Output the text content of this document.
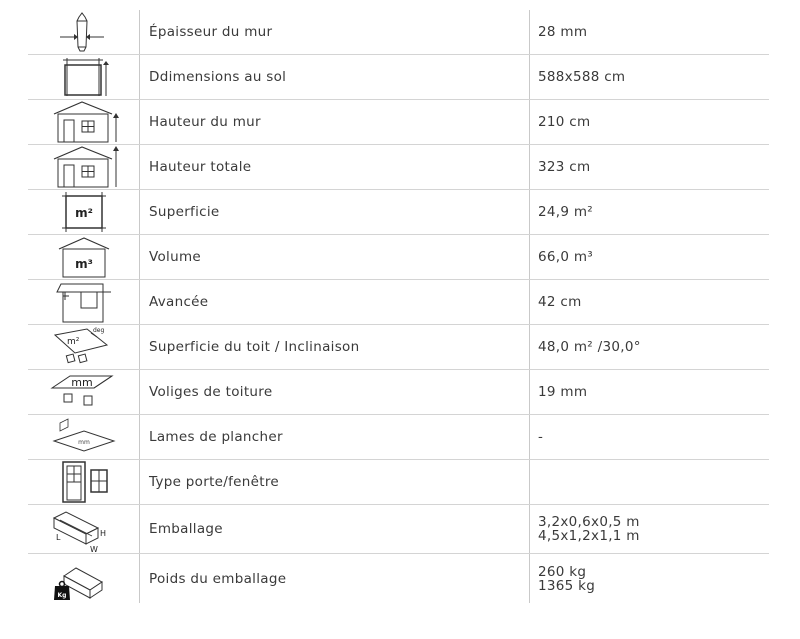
Épaisseur du mur	28 mm
Ddimensions au sol	588x588 cm
Hauteur du mur	210 cm
Hauteur totale	323 cm
m²	Superficie	24,9 m²
m³	Volume	66,0 m³
Avancée	42 cm
m²
deg
Superficie du toit / Inclinaison	48,0 m² /30,0°
mm
Voliges de toiture	19 mm
mm	Lames de plancher	-
Type porte/fenêtre
H
L
W
Emballage	3,2x0,6x0,5 m
4,5x1,2x1,1 m
Kg
Poids du emballage	260 kg
1365 kg
